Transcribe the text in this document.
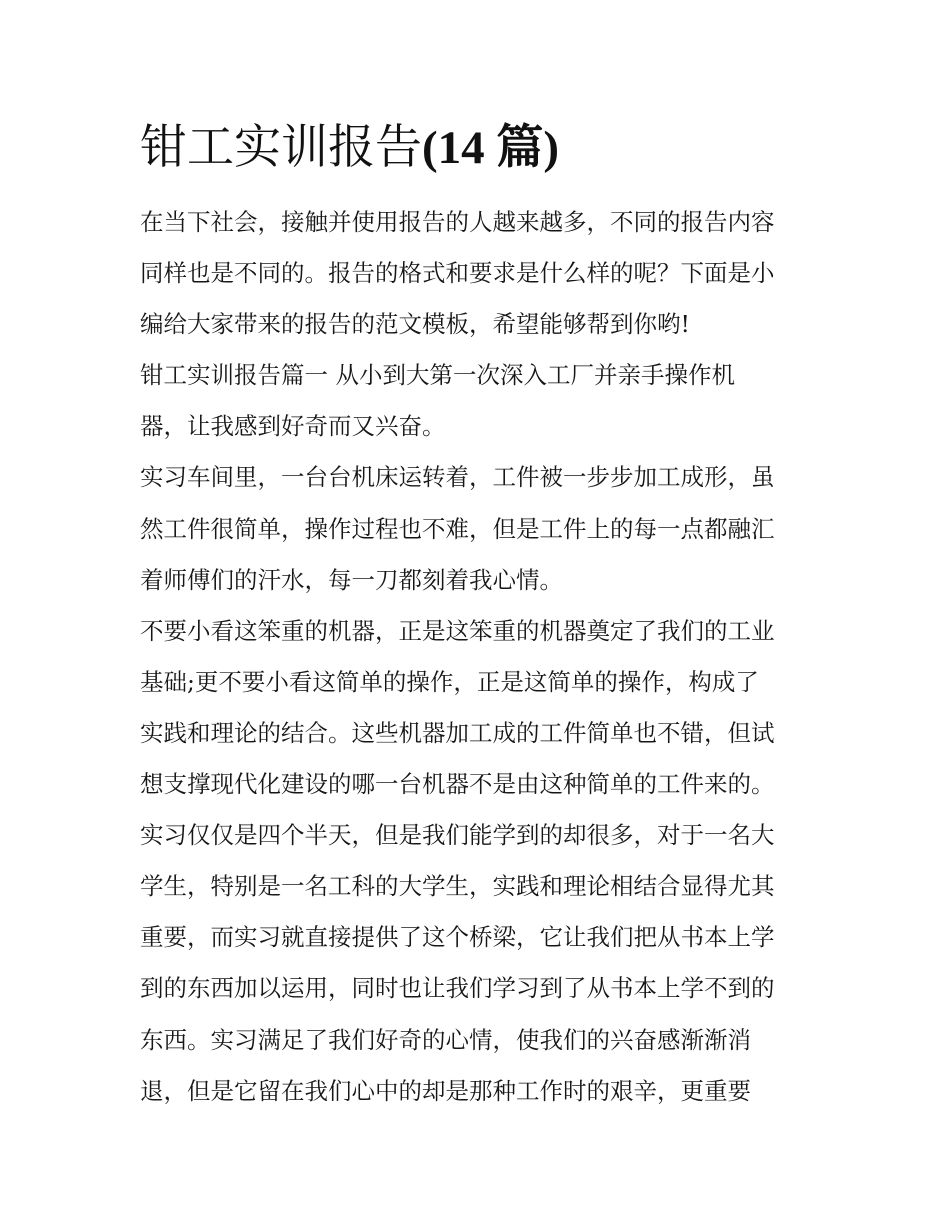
钳工实训报告(14 篇)
在当下社会，接触并使用报告的人越来越多，不同的报告内容
同样也是不同的。报告的格式和要求是什么样的呢？下面是小
编给大家带来的报告的范文模板，希望能够帮到你哟!
钳工实训报告篇一 从小到大第一次深入工厂并亲手操作机
器，让我感到好奇而又兴奋。
实习车间里，一台台机床运转着，工件被一步步加工成形，虽
然工件很简单，操作过程也不难，但是工件上的每一点都融汇
着师傅们的汗水，每一刀都刻着我心情。
不要小看这笨重的机器，正是这笨重的机器奠定了我们的工业
基础;更不要小看这简单的操作，正是这简单的操作，构成了
实践和理论的结合。这些机器加工成的工件简单也不错，但试
想支撑现代化建设的哪一台机器不是由这种简单的工件来的。
实习仅仅是四个半天，但是我们能学到的却很多，对于一名大
学生，特别是一名工科的大学生，实践和理论相结合显得尤其
重要，而实习就直接提供了这个桥梁，它让我们把从书本上学
到的东西加以运用，同时也让我们学习到了从书本上学不到的
东西。实习满足了我们好奇的心情，使我们的兴奋感渐渐消
退，但是它留在我们心中的却是那种工作时的艰辛，更重要
